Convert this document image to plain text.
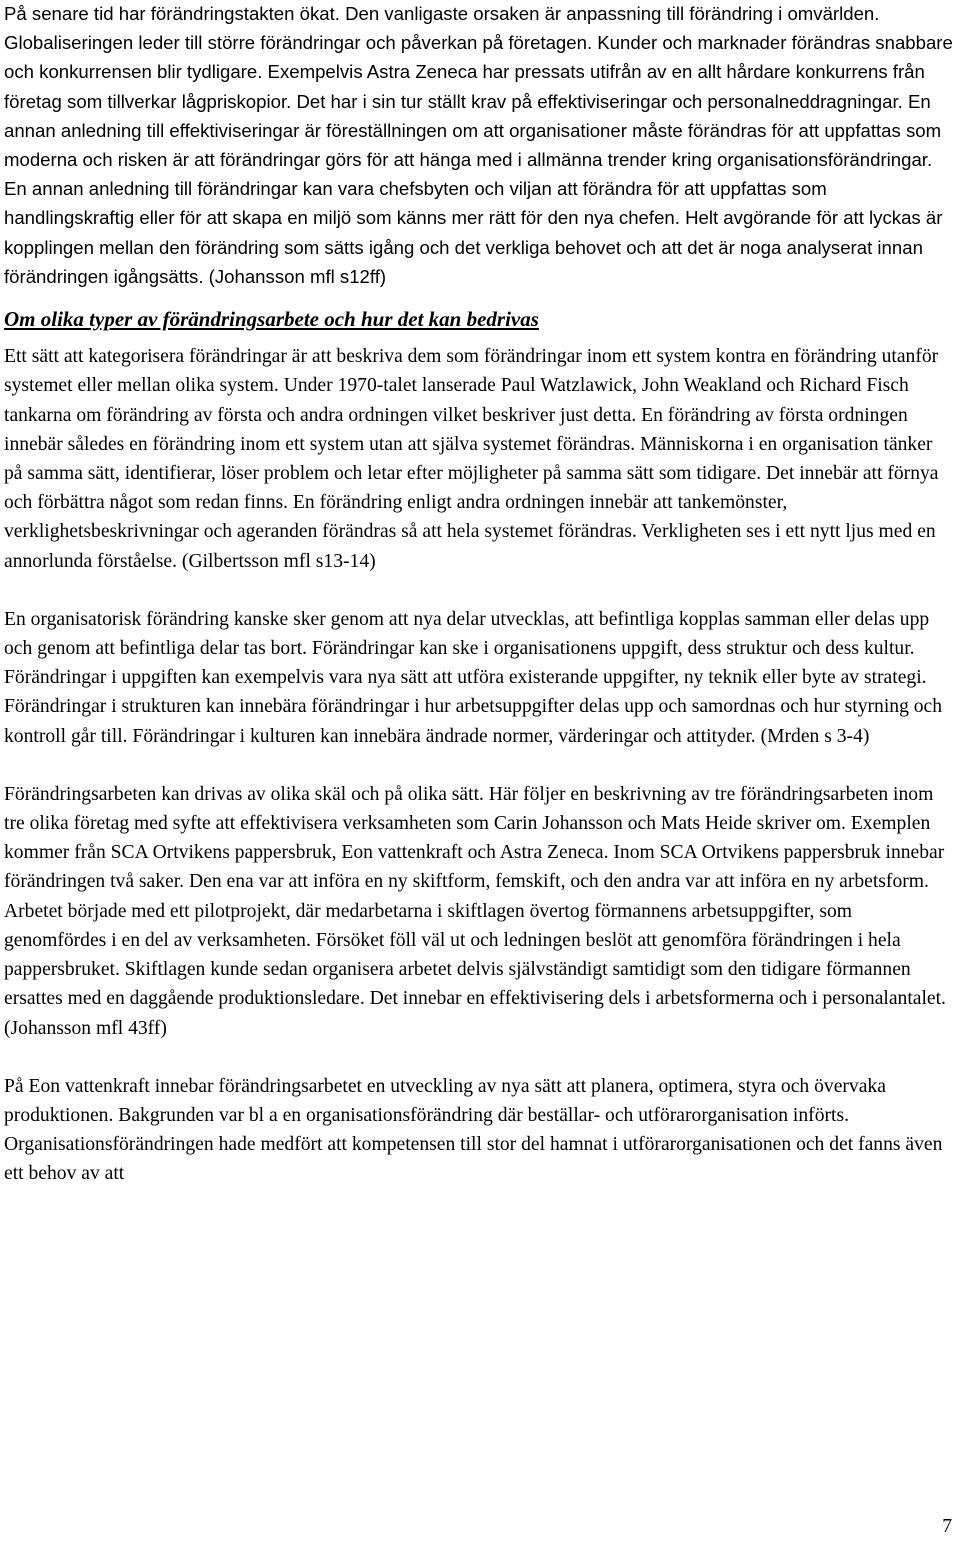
På senare tid har förändringstakten ökat. Den vanligaste orsaken är anpassning till förändring i omvärlden. Globaliseringen leder till större förändringar och påverkan på företagen. Kunder och marknader förändras snabbare och konkurrensen blir tydligare. Exempelvis Astra Zeneca har pressats utifrån av en allt hårdare konkurrens från företag som tillverkar lågpriskopior. Det har i sin tur ställt krav på effektiviseringar och personalneddragningar. En annan anledning till effektiviseringar är föreställningen om att organisationer måste förändras för att uppfattas som moderna och risken är att förändringar görs för att hänga med i allmänna trender kring organisationsförändringar. En annan anledning till förändringar kan vara chefsbyten och viljan att förändra för att uppfattas som handlingskraftig eller för att skapa en miljö som känns mer rätt för den nya chefen. Helt avgörande för att lyckas är kopplingen mellan den förändring som sätts igång och det verkliga behovet och att det är noga analyserat innan förändringen igångsätts. (Johansson mfl s12ff)

Om olika typer av förändringsarbete och hur det kan bedrivas

Ett sätt att kategorisera förändringar är att beskriva dem som förändringar inom ett system kontra en förändring utanför systemet eller mellan olika system. Under 1970-talet lanserade Paul Watzlawick, John Weakland och Richard Fisch tankarna om förändring av första och andra ordningen vilket beskriver just detta. En förändring av första ordningen innebär således en förändring inom ett system utan att själva systemet förändras. Människorna i en organisation tänker på samma sätt, identifierar, löser problem och letar efter möjligheter på samma sätt som tidigare. Det innebär att förnya och förbättra något som redan finns. En förändring enligt andra ordningen innebär att tankemönster, verklighetsbeskrivningar och ageranden förändras så att hela systemet förändras. Verkligheten ses i ett nytt ljus med en annorlunda förståelse. (Gilbertsson mfl s13-14)

En organisatorisk förändring kanske sker genom att nya delar utvecklas, att befintliga kopplas samman eller delas upp och genom att befintliga delar tas bort. Förändringar kan ske i organisationens uppgift, dess struktur och dess kultur. Förändringar i uppgiften kan exempelvis vara nya sätt att utföra existerande uppgifter, ny teknik eller byte av strategi. Förändringar i strukturen kan innebära förändringar i hur arbetsuppgifter delas upp och samordnas och hur styrning och kontroll går till. Förändringar i kulturen kan innebära ändrade normer, värderingar och attityder. (Mrden s 3-4)

Förändringsarbeten kan drivas av olika skäl och på olika sätt. Här följer en beskrivning av tre förändringsarbeten inom tre olika företag med syfte att effektivisera verksamheten som Carin Johansson och Mats Heide skriver om. Exemplen kommer från SCA Ortvikens pappersbruk, Eon vattenkraft och Astra Zeneca. Inom SCA Ortvikens pappersbruk innebar förändringen två saker. Den ena var att införa en ny skiftform, femskift, och den andra var att införa en ny arbetsform. Arbetet började med ett pilotprojekt, där medarbetarna i skiftlagen övertog förmannens arbetsuppgifter, som genomfördes i en del av verksamheten. Försöket föll väl ut och ledningen beslöt att genomföra förändringen i hela pappersbruket. Skiftlagen kunde sedan organisera arbetet delvis självständigt samtidigt som den tidigare förmannen ersattes med en daggående produktionsledare. Det innebar en effektivisering dels i arbetsformerna och i personalantalet. (Johansson mfl 43ff)

På Eon vattenkraft innebar förändringsarbetet en utveckling av nya sätt att planera, optimera, styra och övervaka produktionen. Bakgrunden var bl a en organisationsförändring där beställar- och utförarorganisation införts. Organisationsförändringen hade medfört att kompetensen till stor del hamnat i utförarorganisationen och det fanns även ett behov av att

7
